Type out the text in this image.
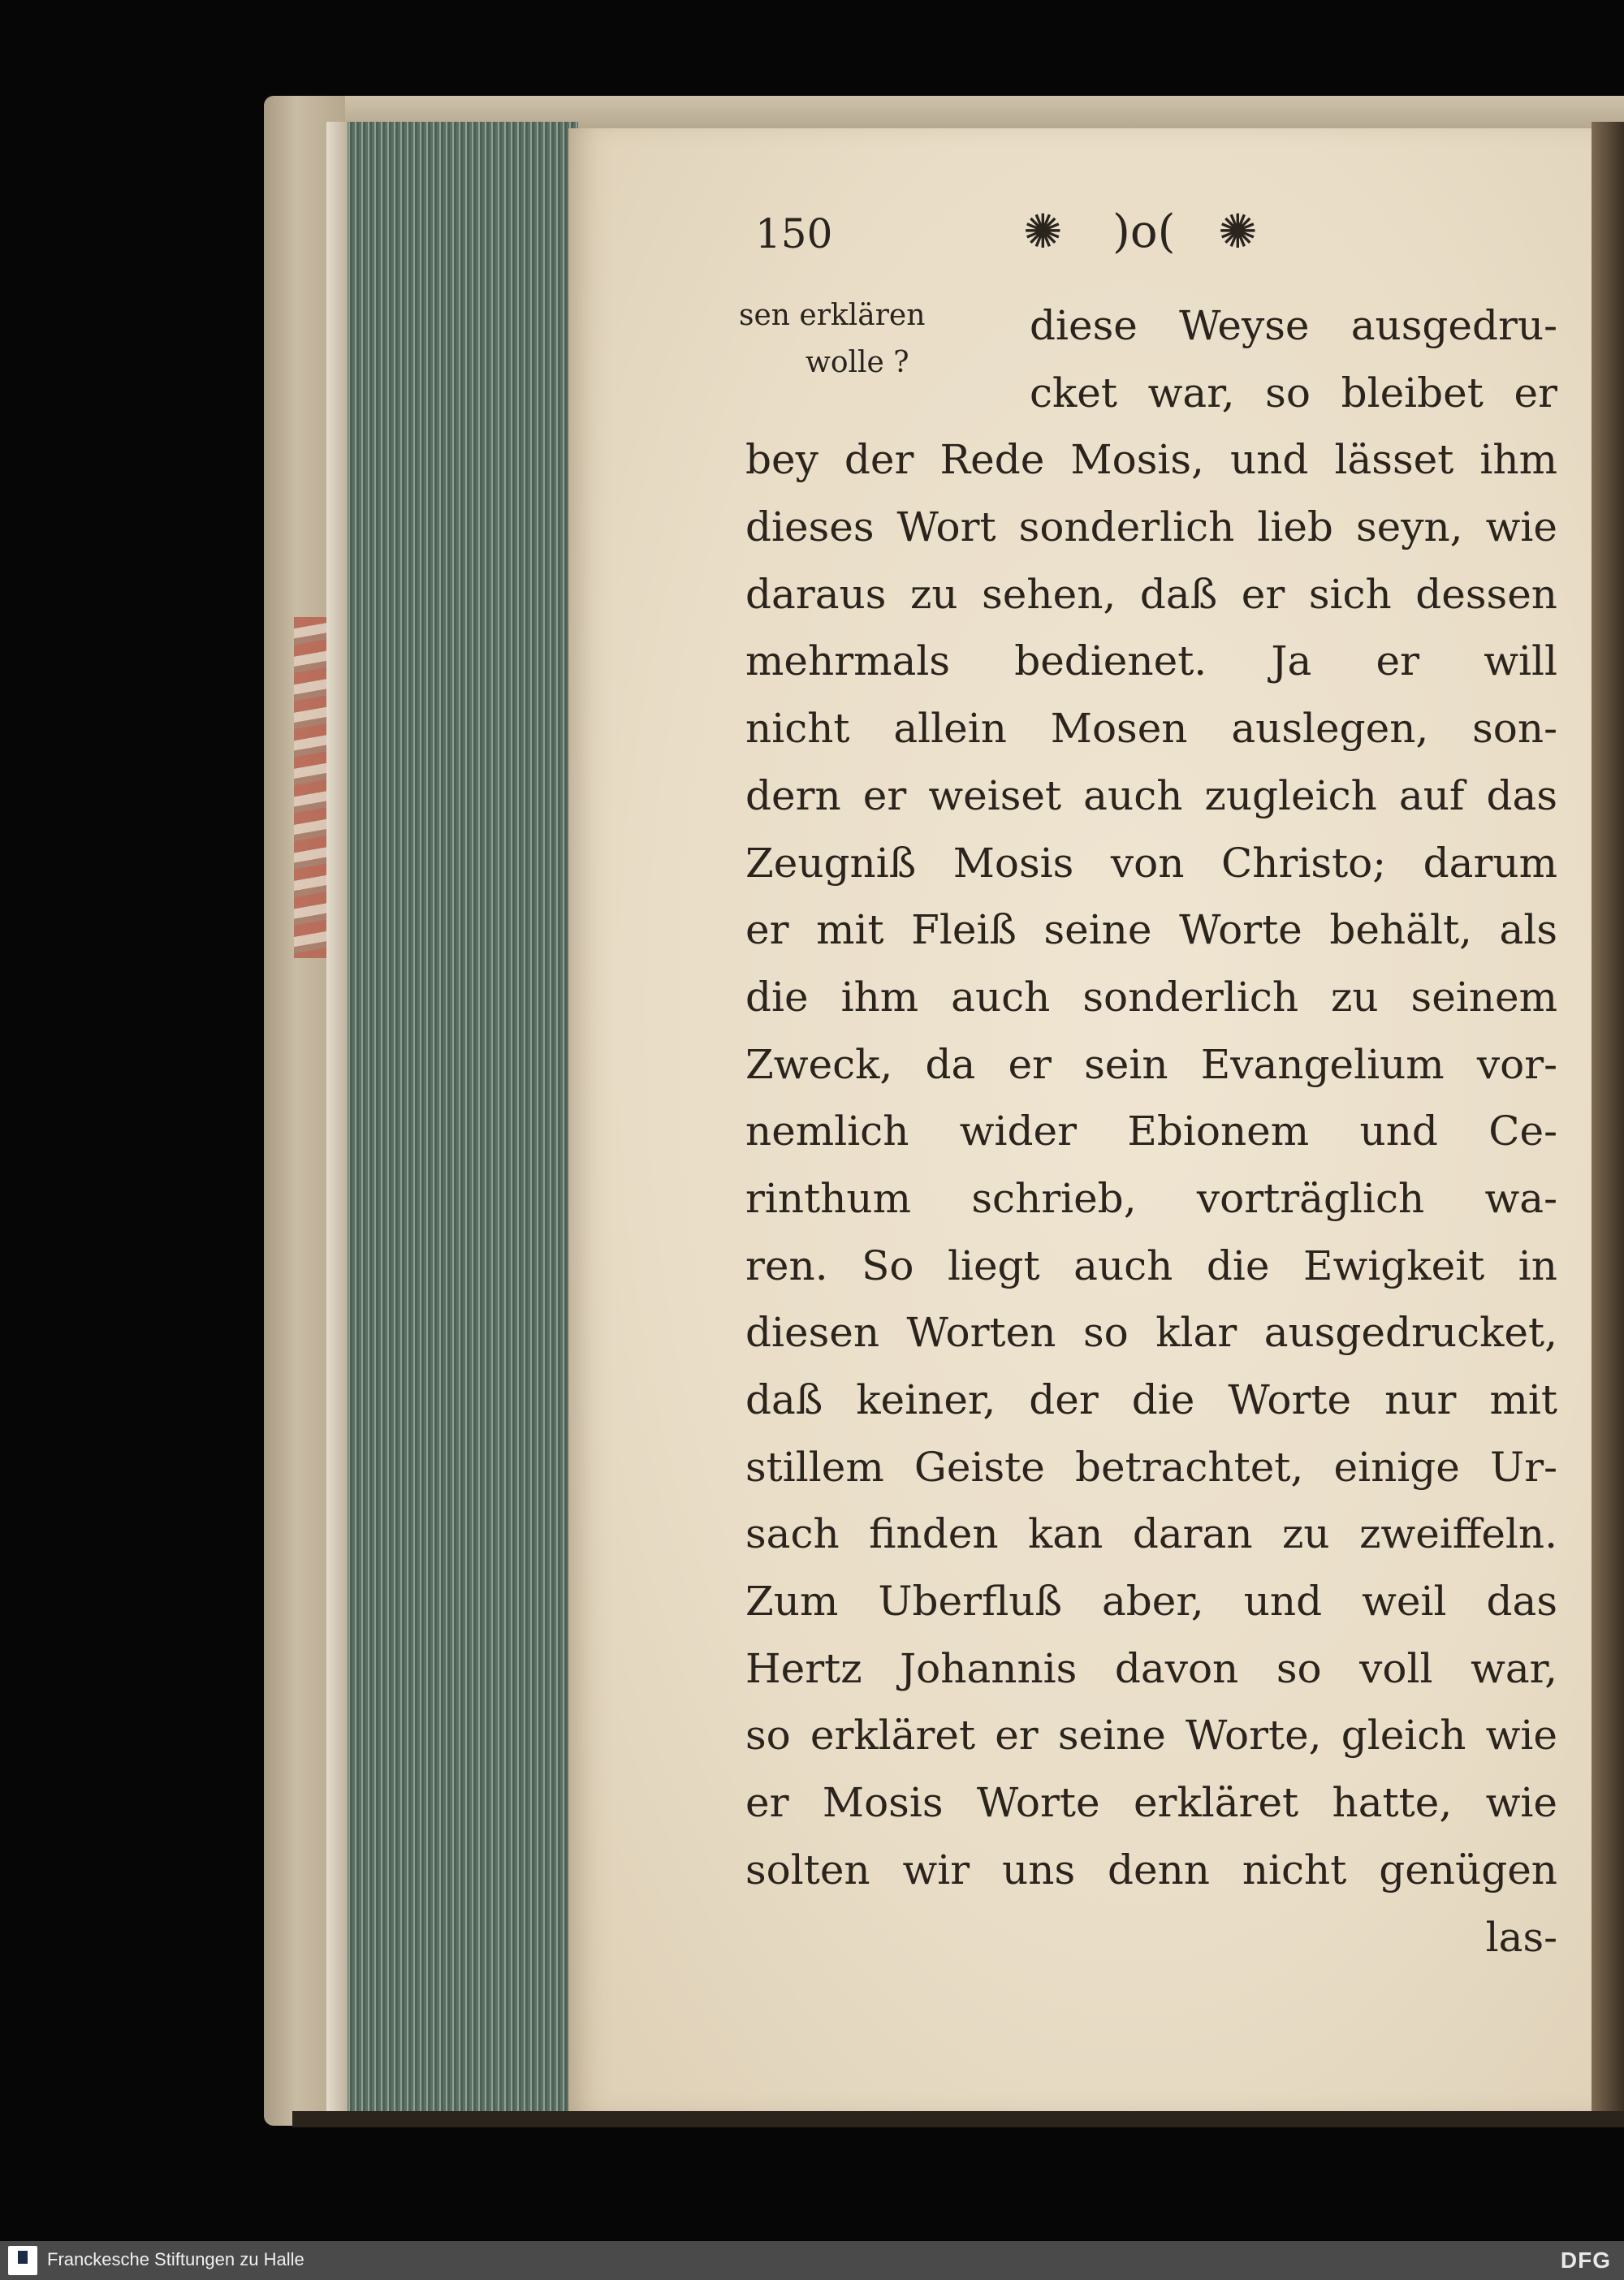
150	✺ )o( ✺
sen erklären
wolle ?
diese Weyse ausgedru-
cket war, so bleibet er
bey der Rede Mosis, und lässet ihm
dieses Wort sonderlich lieb seyn, wie
daraus zu sehen, daß er sich dessen
mehrmals bedienet. Ja er will
nicht allein Mosen auslegen, son-
dern er weiset auch zugleich auf das
Zeugniß Mosis von Christo; darum
er mit Fleiß seine Worte behält, als
die ihm auch sonderlich zu seinem
Zweck, da er sein Evangelium vor-
nemlich wider Ebionem und Ce-
rinthum schrieb, vorträglich wa-
ren. So liegt auch die Ewigkeit in
diesen Worten so klar ausgedrucket,
daß keiner, der die Worte nur mit
stillem Geiste betrachtet, einige Ur-
sach finden kan daran zu zweiffeln.
Zum Uberfluß aber, und weil das
Hertz Johannis davon so voll war,
so erkläret er seine Worte, gleich wie
er Mosis Worte erkläret hatte, wie
solten wir uns denn nicht genügen
las-
Franckesche Stiftungen zu Halle	DFG
